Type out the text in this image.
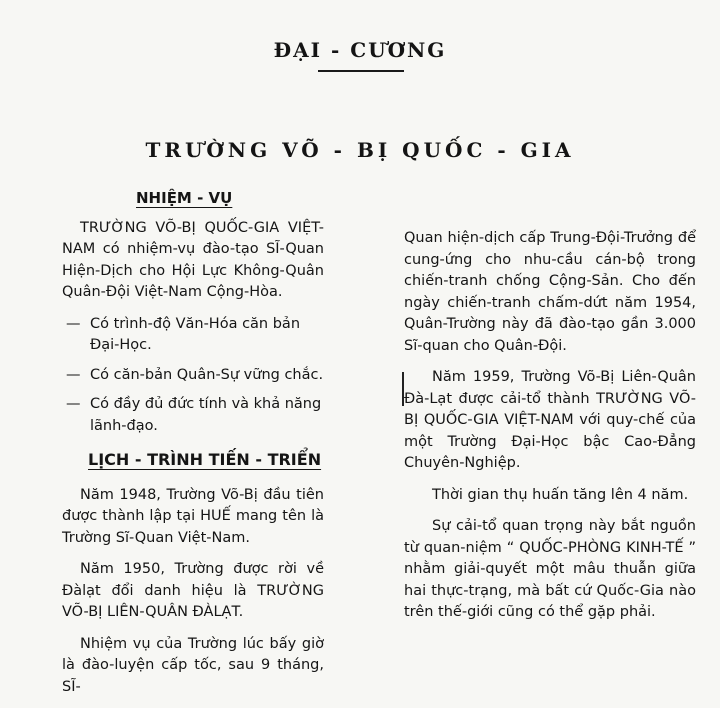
ĐẠI - CƯƠNG
TRƯỜNG VÕ - BỊ QUỐC - GIA
NHIỆM - VỤ

TRƯỜNG VÕ-BỊ QUỐC-GIA VIỆT-NAM có nhiệm-vụ đào-tạo SĨ-Quan Hiện-Dịch cho Hội Lực Không-Quân Quân-Đội Việt-Nam Cộng-Hòa.

— Có trình-độ Văn-Hóa căn bản Đại-Học.
— Có căn-bản Quân-Sự vững chắc.
— Có đầy đủ đức tính và khả năng lãnh-đạo.
LỊCH - TRÌNH TIẾN - TRIỂN

Năm 1948, Trường Võ-Bị đầu tiên được thành lập tại HUẾ mang tên là Trường Sĩ-Quan Việt-Nam.

Năm 1950, Trường được rời về Đàlạt đổi danh hiệu là TRƯỜNG VÕ-BỊ LIÊN-QUÂN ĐÀLẠT.

Nhiệm vụ của Trường lúc bấy giờ là đào-luyện cấp tốc, sau 9 tháng, SĨ-

Quan hiện-dịch cấp Trung-Đội-Trưởng để cung-ứng cho nhu-cầu cán-bộ trong chiến-tranh chống Cộng-Sản. Cho đến ngày chiến-tranh chấm-dứt năm 1954, Quân-Trường này đã đào-tạo gần 3.000 Sĩ-quan cho Quân-Đội.

Năm 1959, Trường Võ-Bị Liên-Quân Đà-Lạt được cải-tổ thành TRƯỜNG VÕ-BỊ QUỐC-GIA VIỆT-NAM với quy-chế của một Trường Đại-Học bậc Cao-Đẳng Chuyên-Nghiệp.

Thời gian thụ huấn tăng lên 4 năm.

Sự cải-tổ quan trọng này bắt nguồn từ quan-niệm “ QUỐC-PHÒNG KINH-TẾ ” nhằm giải-quyết một mâu thuẫn giữa hai thực-trạng, mà bất cứ Quốc-Gia nào trên thế-giới cũng có thể gặp phải.
